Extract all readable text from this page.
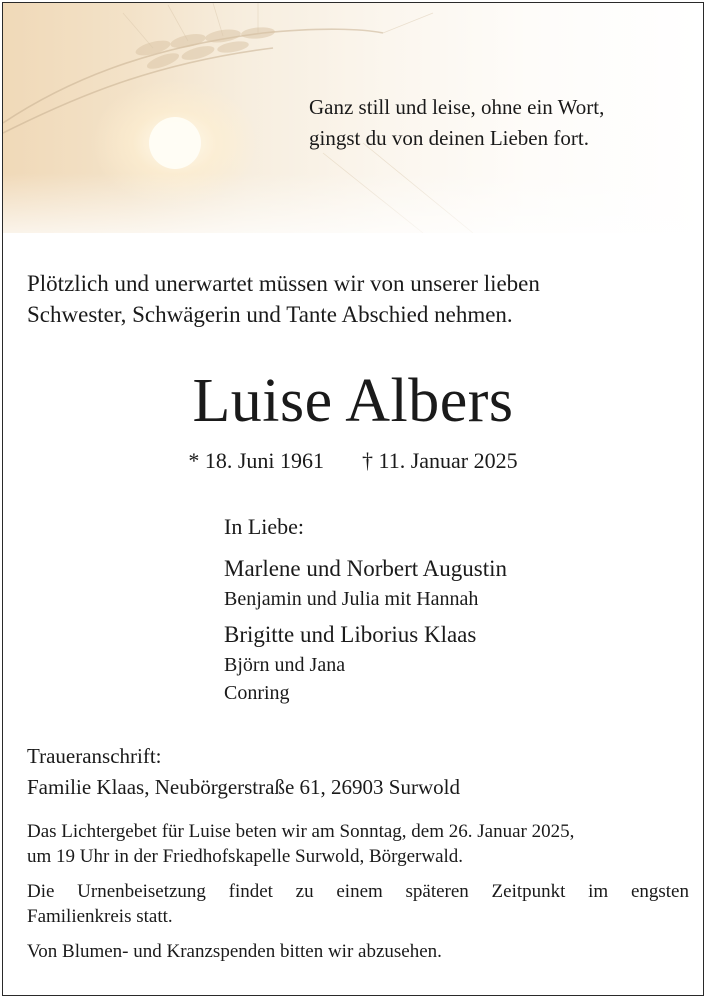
Ganz still und leise, ohne ein Wort,
gingst du von deinen Lieben fort.
Plötzlich und unerwartet müssen wir von unserer lieben
Schwester, Schwägerin und Tante Abschied nehmen.
Luise Albers
* 18. Juni 1961 † 11. Januar 2025
In Liebe:
Marlene und Norbert Augustin
Benjamin und Julia mit Hannah
Brigitte und Liborius Klaas
Björn und Jana
Conring
Traueranschrift:
Familie Klaas, Neubörgerstraße 61, 26903 Surwold
Das Lichtergebet für Luise beten wir am Sonntag, dem 26. Januar 2025,
um 19 Uhr in der Friedhofskapelle Surwold, Börgerwald.
Die Urnenbeisetzung findet zu einem späteren Zeitpunkt im engsten
Familienkreis statt.
Von Blumen- und Kranzspenden bitten wir abzusehen.
